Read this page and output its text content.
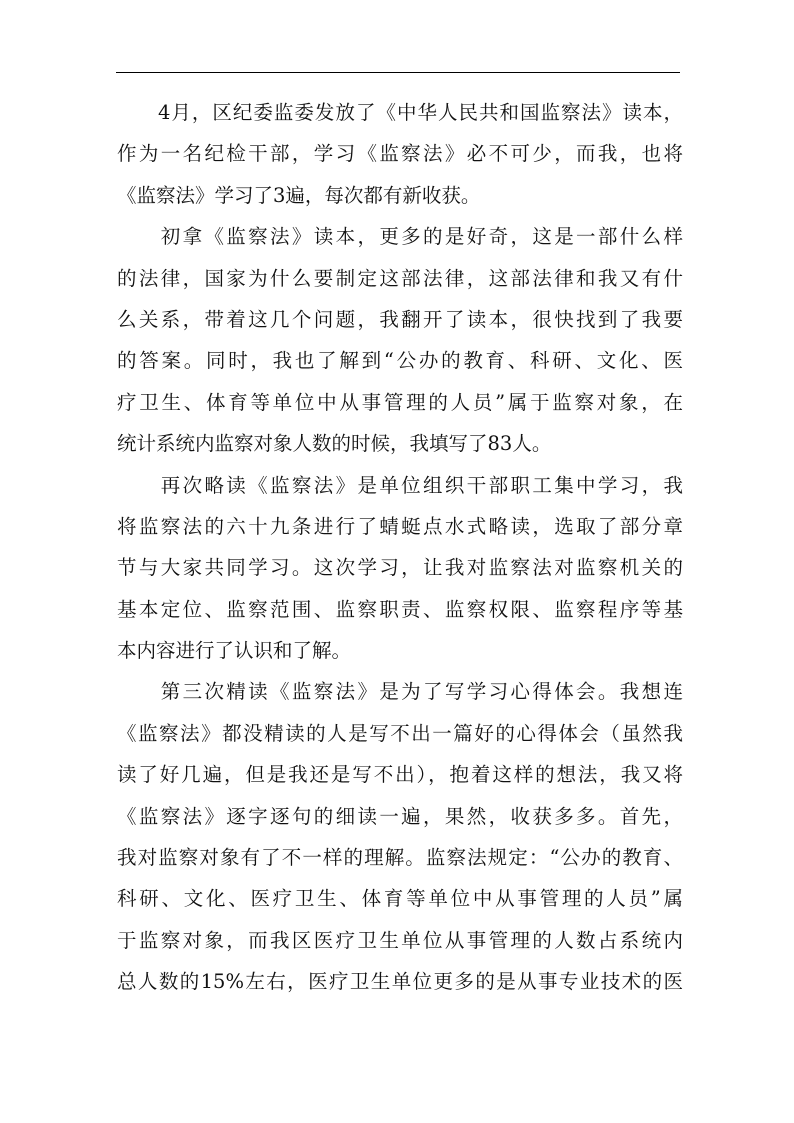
　　4月，区纪委监委发放了《中华人民共和国监察法》读本，
作为一名纪检干部，学习《监察法》必不可少，而我，也将
《监察法》学习了3遍，每次都有新收获。
　　初拿《监察法》读本，更多的是好奇，这是一部什么样
的法律，国家为什么要制定这部法律，这部法律和我又有什
么关系，带着这几个问题，我翻开了读本，很快找到了我要
的答案。同时，我也了解到“公办的教育、科研、文化、医
疗卫生、体育等单位中从事管理的人员”属于监察对象，在
统计系统内监察对象人数的时候，我填写了83人。
　　再次略读《监察法》是单位组织干部职工集中学习，我
将监察法的六十九条进行了蜻蜓点水式略读，选取了部分章
节与大家共同学习。这次学习，让我对监察法对监察机关的
基本定位、监察范围、监察职责、监察权限、监察程序等基
本内容进行了认识和了解。
　　第三次精读《监察法》是为了写学习心得体会。我想连
《监察法》都没精读的人是写不出一篇好的心得体会（虽然我
读了好几遍，但是我还是写不出），抱着这样的想法，我又将
《监察法》逐字逐句的细读一遍，果然，收获多多。首先，
我对监察对象有了不一样的理解。监察法规定：“公办的教育、
科研、文化、医疗卫生、体育等单位中从事管理的人员”属
于监察对象，而我区医疗卫生单位从事管理的人数占系统内
总人数的15%左右，医疗卫生单位更多的是从事专业技术的医
